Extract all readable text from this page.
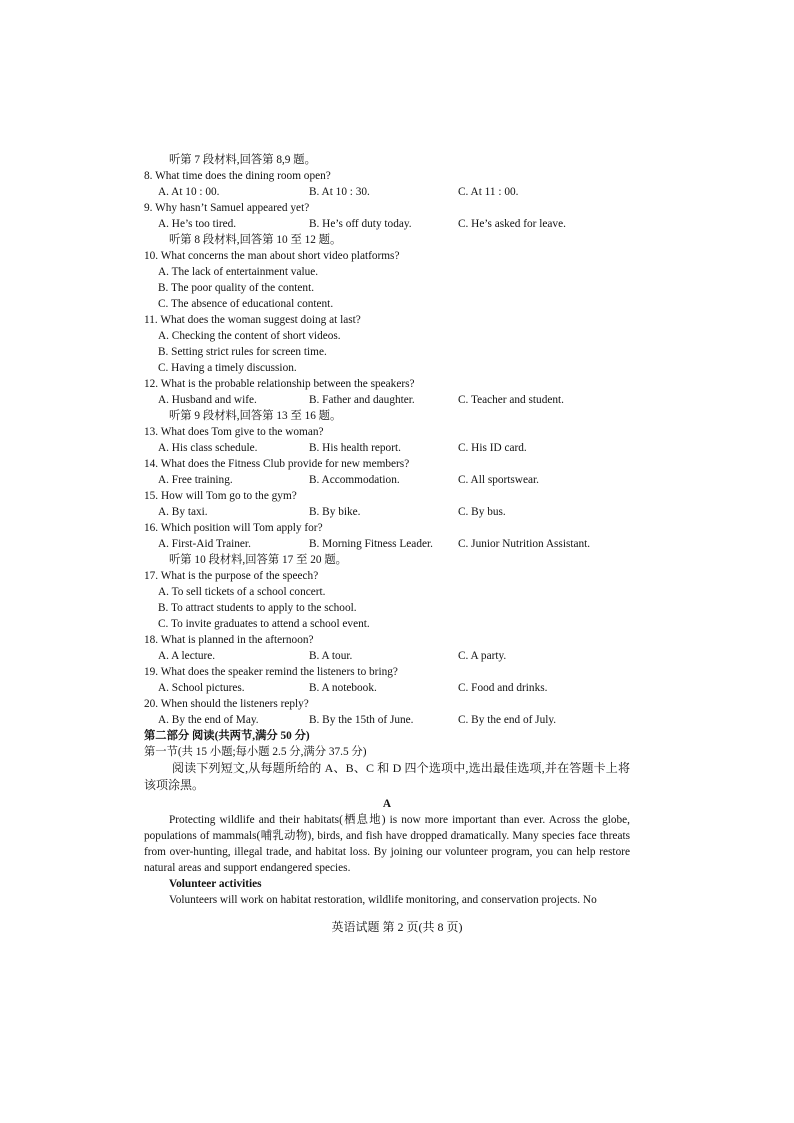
听第 7 段材料,回答第 8,9 题。
8. What time does the dining room open?
A. At 10 : 00.	B. At 10 : 30.	C. At 11 : 00.
9. Why hasn’t Samuel appeared yet?
A. He’s too tired.	B. He’s off duty today.	C. He’s asked for leave.
听第 8 段材料,回答第 10 至 12 题。
10. What concerns the man about short video platforms?
A. The lack of entertainment value.
B. The poor quality of the content.
C. The absence of educational content.
11. What does the woman suggest doing at last?
A. Checking the content of short videos.
B. Setting strict rules for screen time.
C. Having a timely discussion.
12. What is the probable relationship between the speakers?
A. Husband and wife.	B. Father and daughter.	C. Teacher and student.
听第 9 段材料,回答第 13 至 16 题。
13. What does Tom give to the woman?
A. His class schedule.	B. His health report.	C. His ID card.
14. What does the Fitness Club provide for new members?
A. Free training.	B. Accommodation.	C. All sportswear.
15. How will Tom go to the gym?
A. By taxi.	B. By bike.	C. By bus.
16. Which position will Tom apply for?
A. First-Aid Trainer.	B. Morning Fitness Leader.	C. Junior Nutrition Assistant.
听第 10 段材料,回答第 17 至 20 题。
17. What is the purpose of the speech?
A. To sell tickets of a school concert.
B. To attract students to apply to the school.
C. To invite graduates to attend a school event.
18. What is planned in the afternoon?
A. A lecture.	B. A tour.	C. A party.
19. What does the speaker remind the listeners to bring?
A. School pictures.	B. A notebook.	C. Food and drinks.
20. When should the listeners reply?
A. By the end of May.	B. By the 15th of June.	C. By the end of July.
第二部分 阅读(共两节,满分 50 分)
第一节(共 15 小题;每小题 2.5 分,满分 37.5 分)
阅读下列短文,从每题所给的 A、B、C 和 D 四个选项中,选出最佳选项,并在答题卡上将该项涂黑。
A
Protecting wildlife and their habitats(栖息地) is now more important than ever. Across the globe, populations of mammals(哺乳动物), birds, and fish have dropped dramatically. Many species face threats from over-hunting, illegal trade, and habitat loss. By joining our volunteer program, you can help restore natural areas and support endangered species.
Volunteer activities
Volunteers will work on habitat restoration, wildlife monitoring, and conservation projects. No
英语试题 第 2 页(共 8 页)
